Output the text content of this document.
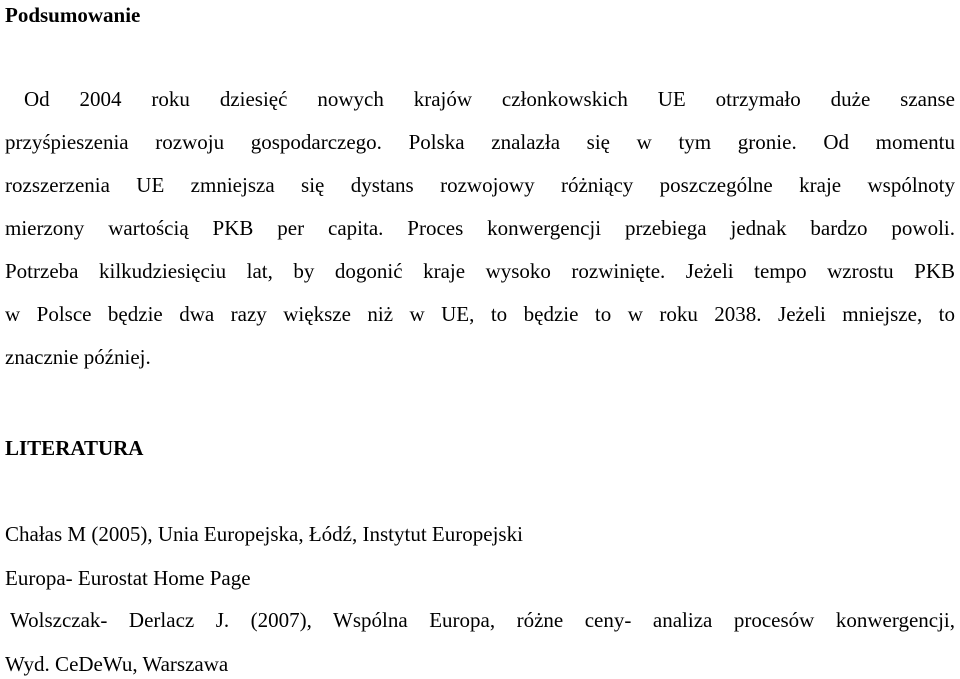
Podsumowanie
Od 2004 roku dziesięć nowych krajów członkowskich UE otrzymało duże szanse
przyśpieszenia rozwoju gospodarczego. Polska znalazła się w tym gronie. Od momentu
rozszerzenia UE zmniejsza się dystans rozwojowy różniący poszczególne kraje wspólnoty
mierzony wartością PKB per capita. Proces konwergencji przebiega jednak bardzo powoli.
Potrzeba kilkudziesięciu lat, by dogonić kraje wysoko rozwinięte. Jeżeli tempo wzrostu PKB
w Polsce będzie dwa razy większe niż w UE, to będzie to w roku 2038. Jeżeli mniejsze, to
znacznie później.
LITERATURA
Chałas M (2005), Unia Europejska, Łódź, Instytut Europejski
Europa- Eurostat Home Page
Wolszczak- Derlacz J. (2007), Wspólna Europa, różne ceny- analiza procesów konwergencji,
Wyd. CeDeWu, Warszawa
